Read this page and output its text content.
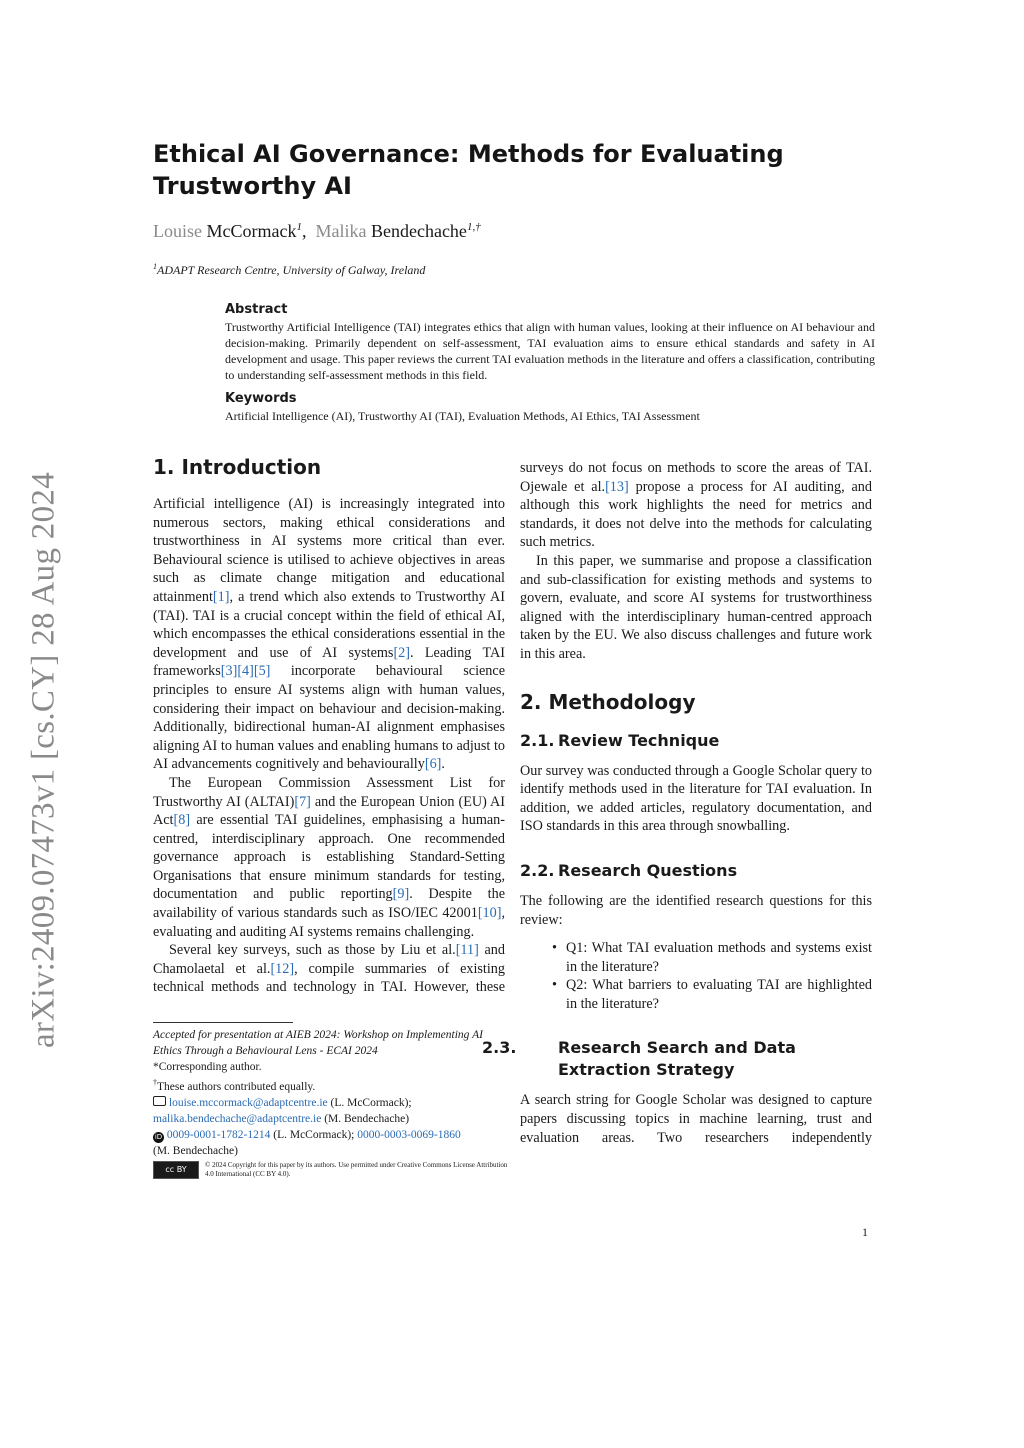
arXiv:2409.07473v1 [cs.CY] 28 Aug 2024
Ethical AI Governance: Methods for Evaluating Trustworthy AI
Louise McCormack$^1$, Malika Bendechache$^{1,\dagger}$
$^1$ADAPT Research Centre, University of Galway, Ireland
Abstract

Trustworthy Artificial Intelligence (TAI) integrates ethics that align with human values, looking at their influence on AI behaviour and decision-making. Primarily dependent on self-assessment, TAI evaluation aims to ensure ethical standards and safety in AI development and usage. This paper reviews the current TAI evaluation methods in the literature and offers a classification, contributing to understanding self-assessment methods in this field.

Keywords

Artificial Intelligence (AI), Trustworthy AI (TAI), Evaluation Methods, AI Ethics, TAI Assessment

1. Introduction

Artificial intelligence (AI) is increasingly integrated into numerous sectors, making ethical considerations and trustworthiness in AI systems more critical than ever. Behavioural science is utilised to achieve objectives in areas such as climate change mitigation and educational attainment[1], a trend which also extends to Trustworthy AI (TAI). TAI is a crucial concept within the field of ethical AI, which encompasses the ethical considerations essential in the development and use of AI systems[2]. Leading TAI frameworks[3][4][5] incorporate behavioural science principles to ensure AI systems align with human values, considering their impact on behaviour and decision-making. Additionally, bidirectional human-AI alignment emphasises aligning AI to human values and enabling humans to adjust to AI advancements cognitively and behaviourally[6].

The European Commission Assessment List for Trustworthy AI (ALTAI)[7] and the European Union (EU) AI Act[8] are essential TAI guidelines, emphasising a human-centred, interdisciplinary approach. One recommended governance approach is establishing Standard-Setting Organisations that ensure minimum standards for testing, documentation and public reporting[9]. Despite the availability of various standards such as ISO/IEC 42001[10], evaluating and auditing AI systems remains challenging.

Several key surveys, such as those by Liu et al.[11] and Chamolaetal et al.[12], compile summaries of existing technical methods and technology in TAI. However, these

surveys do not focus on methods to score the areas of TAI. Ojewale et al.[13] propose a process for AI auditing, and although this work highlights the need for metrics and standards, it does not delve into the methods for calculating such metrics.

In this paper, we summarise and propose a classification and sub-classification for existing methods and systems to govern, evaluate, and score AI systems for trustworthiness aligned with the interdisciplinary human-centred approach taken by the EU. We also discuss challenges and future work in this area.

2. Methodology
2.1. Review Technique

Our survey was conducted through a Google Scholar query to identify methods used in the literature for TAI evaluation. In addition, we added articles, regulatory documentation, and ISO standards in this area through snowballing.

2.2. Research Questions

The following are the identified research questions for this review:

• Q1: What TAI evaluation methods and systems exist in the literature?
• Q2: What barriers to evaluating TAI are highlighted in the literature?
2.3.	Research Search and Data Extraction Strategy

A search string for Google Scholar was designed to capture papers discussing topics in machine learning, trust and evaluation areas. Two researchers independently

Accepted for presentation at AIEB 2024: Workshop on Implementing AI Ethics Through a Behavioural Lens - ECAI 2024
*Corresponding author.
†These authors contributed equally.
louise.mccormack@adaptcentre.ie (L. McCormack);
malika.bendechache@adaptcentre.ie (M. Bendechache)
iD 0009-0001-1782-1214 (L. McCormack); 0000-0003-0069-1860
(M. Bendechache)
cc BY	© 2024 Copyright for this paper by its authors. Use permitted under Creative Commons License Attribution 4.0 International (CC BY 4.0).
1
